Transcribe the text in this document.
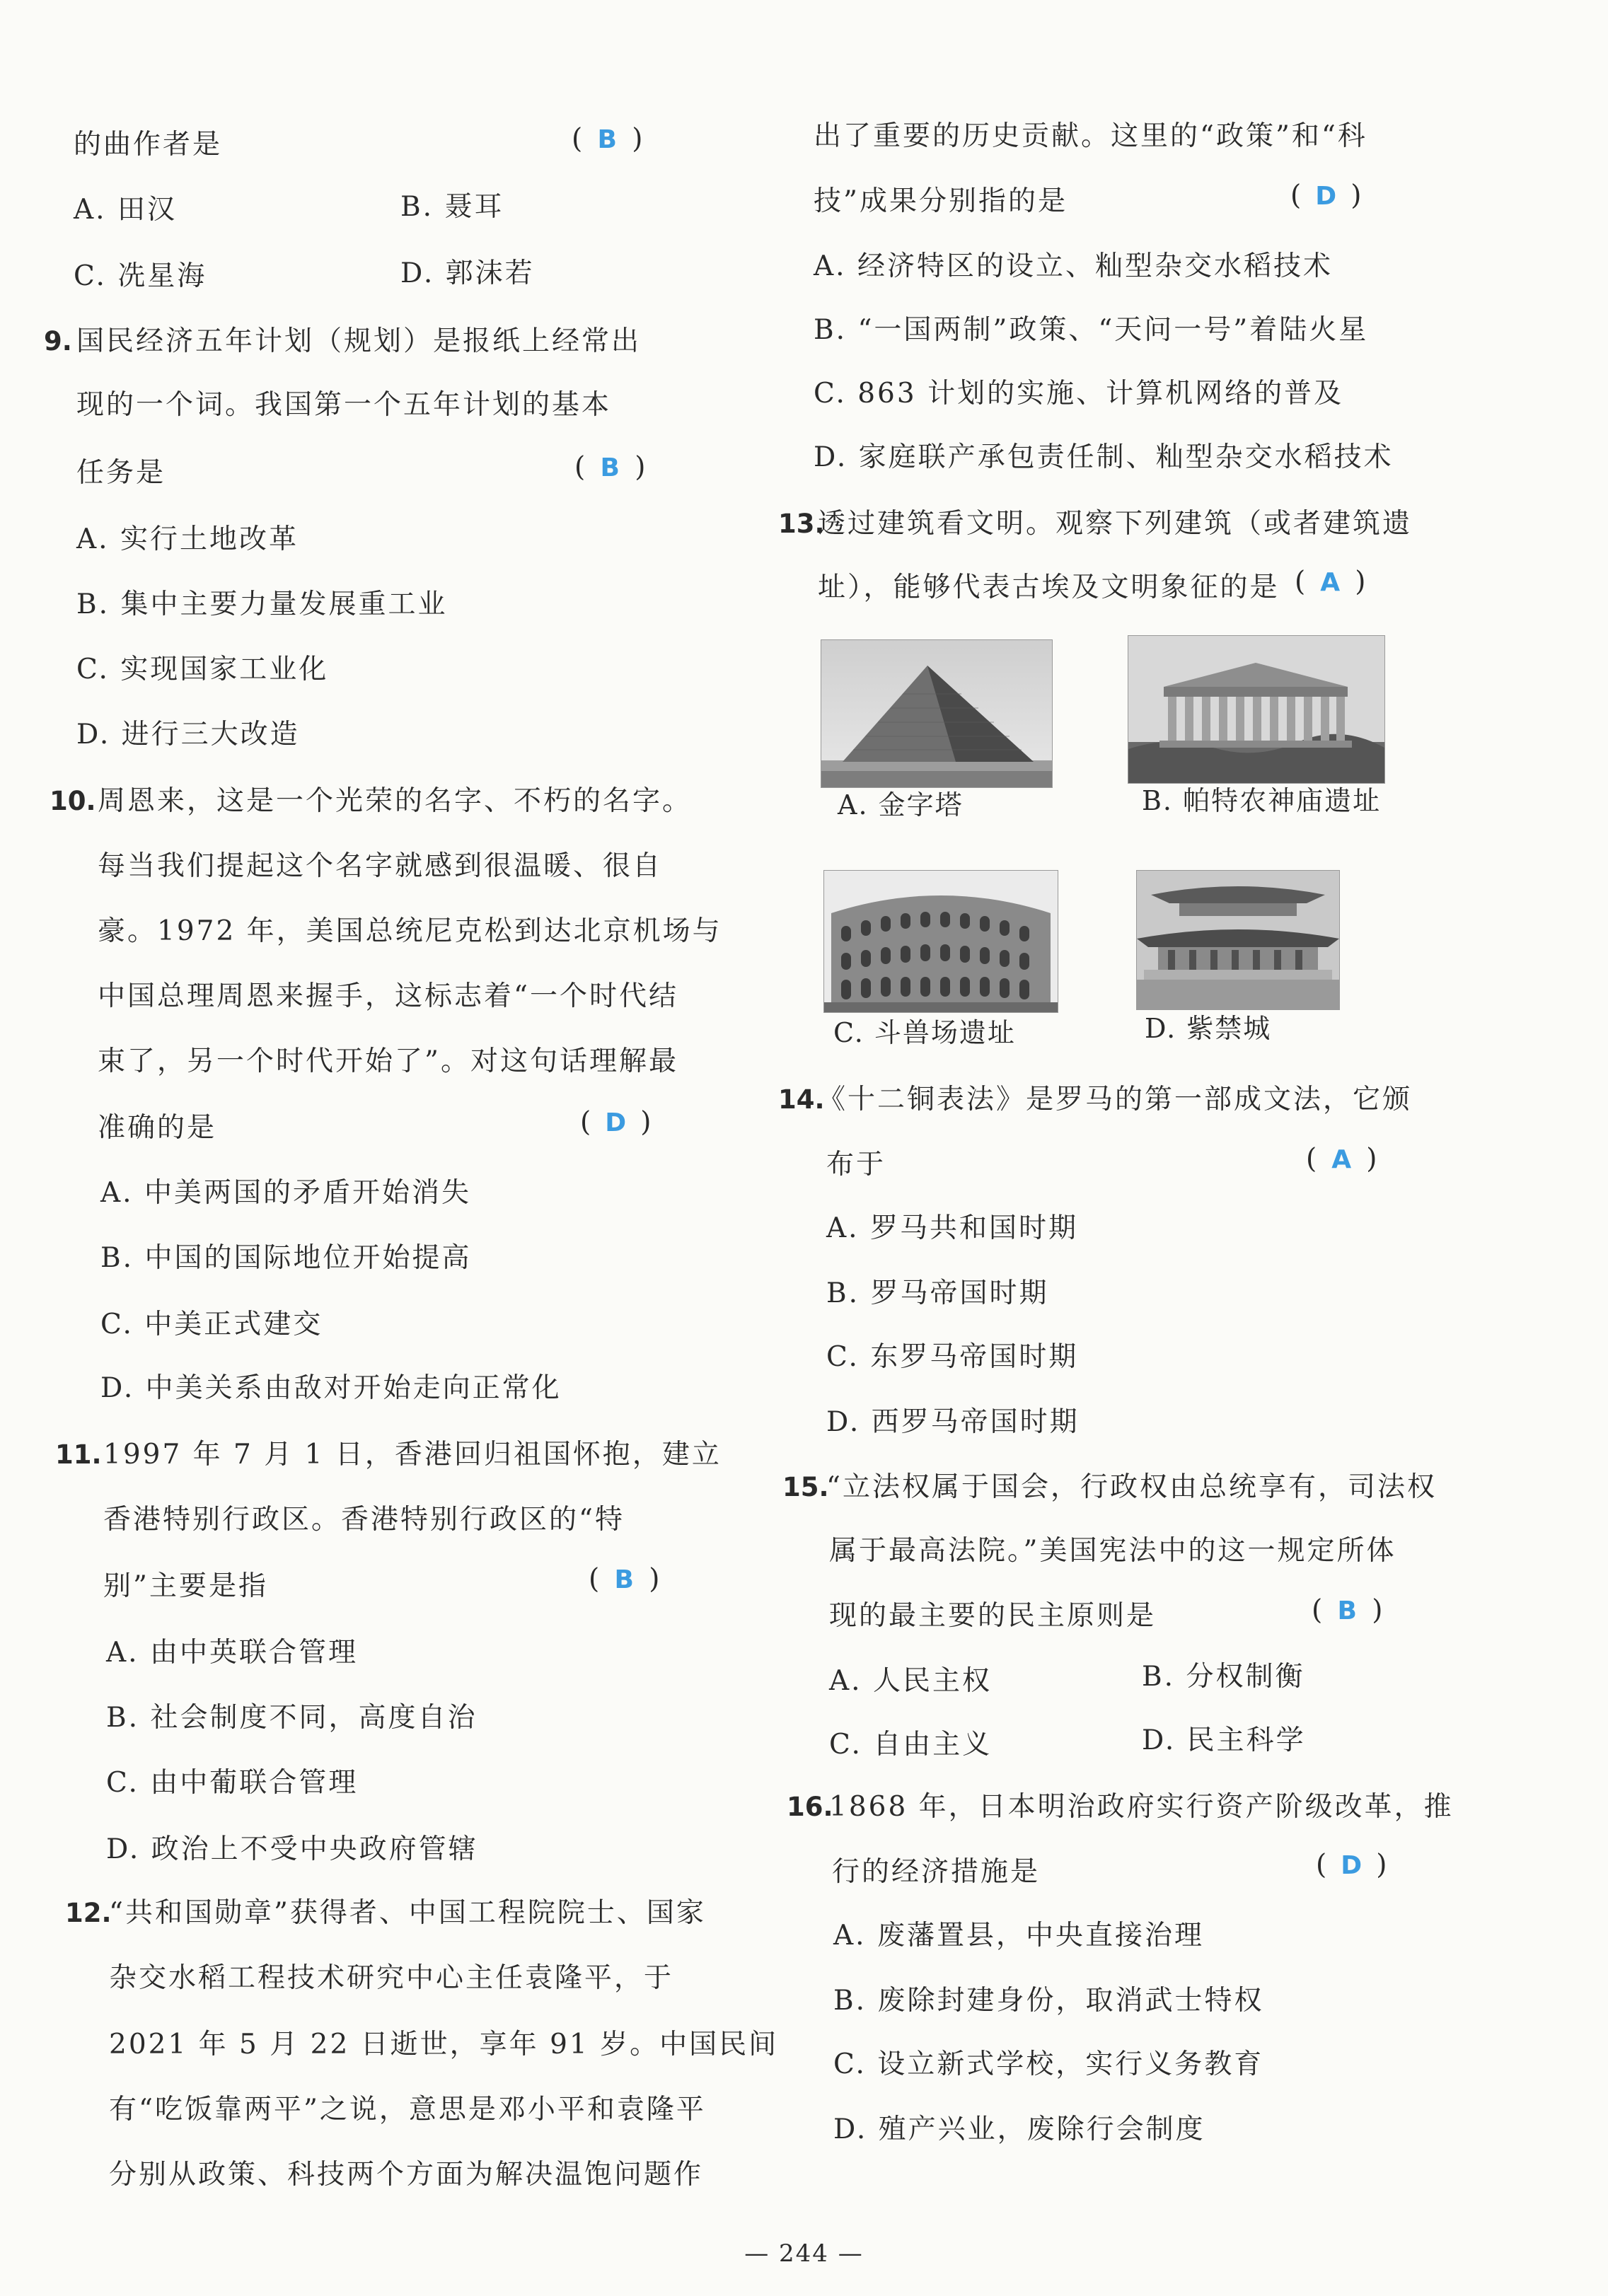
的曲作者是	( B )
A. 田汉	B. 聂耳
C. 冼星海	D. 郭沫若
9. 国民经济五年计划（规划）是报纸上经常出
现的一个词。我国第一个五年计划的基本
任务是	( B )
A. 实行土地改革
B. 集中主要力量发展重工业
C. 实现国家工业化
D. 进行三大改造
10. 周恩来，这是一个光荣的名字、不朽的名字。
每当我们提起这个名字就感到很温暖、很自
豪。1972 年，美国总统尼克松到达北京机场与
中国总理周恩来握手，这标志着“一个时代结
束了，另一个时代开始了”。对这句话理解最
准确的是	( D )
A. 中美两国的矛盾开始消失
B. 中国的国际地位开始提高
C. 中美正式建交
D. 中美关系由敌对开始走向正常化
11. 1997 年 7 月 1 日，香港回归祖国怀抱，建立
香港特别行政区。香港特别行政区的“特
别”主要是指	( B )
A. 由中英联合管理
B. 社会制度不同，高度自治
C. 由中葡联合管理
D. 政治上不受中央政府管辖
12.
“共和国勋章”获得者、中国工程院院士、国家
杂交水稻工程技术研究中心主任袁隆平，于
2021 年 5 月 22 日逝世，享年 91 岁。中国民间
有“吃饭靠两平”之说，意思是邓小平和袁隆平
分别从政策、科技两个方面为解决温饱问题作
出了重要的历史贡献。这里的“政策”和“科
技”成果分别指的是	( D )
A. 经济特区的设立、籼型杂交水稻技术
B. “一国两制”政策、“天问一号”着陆火星
C. 863 计划的实施、计算机网络的普及
D. 家庭联产承包责任制、籼型杂交水稻技术
13.
透过建筑看文明。观察下列建筑（或者建筑遗
址），能够代表古埃及文明象征的是 ( A )
A. 金字塔	B. 帕特农神庙遗址
C. 斗兽场遗址	D. 紫禁城
14.
《十二铜表法》是罗马的第一部成文法，它颁
布于	( A )
A. 罗马共和国时期
B. 罗马帝国时期
C. 东罗马帝国时期
D. 西罗马帝国时期
15.
“立法权属于国会，行政权由总统享有，司法权
属于最高法院。”美国宪法中的这一规定所体
现的最主要的民主原则是	( B )
A. 人民主权	B. 分权制衡
C. 自由主义	D. 民主科学
16.
1868 年，日本明治政府实行资产阶级改革，推
行的经济措施是	( D )
A. 废藩置县，中央直接治理
B. 废除封建身份，取消武士特权
C. 设立新式学校，实行义务教育
D. 殖产兴业，废除行会制度
— 244 —
